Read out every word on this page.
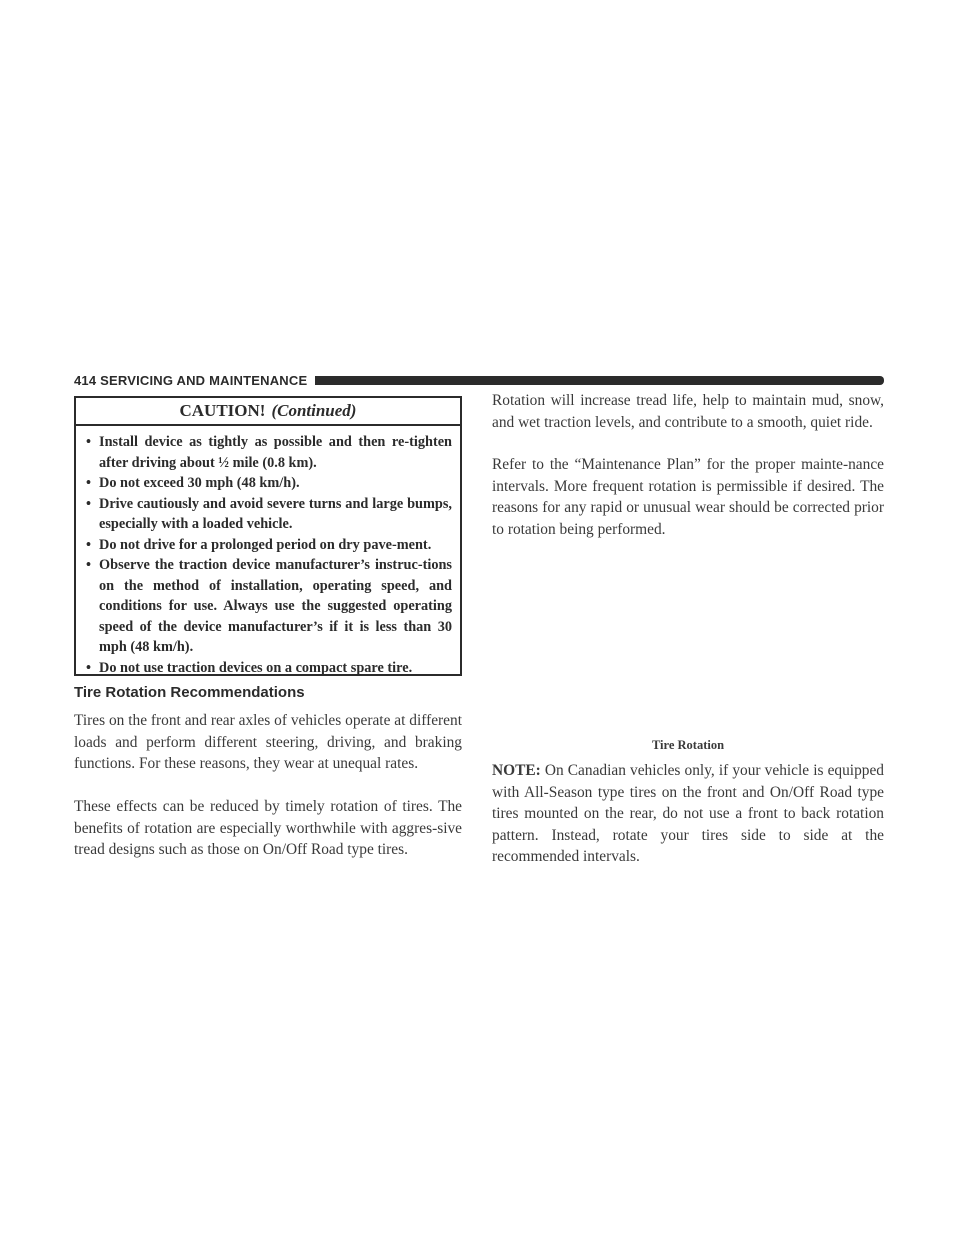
414 SERVICING AND MAINTENANCE
CAUTION! (Continued)
• Install device as tightly as possible and then re-tighten after driving about ½ mile (0.8 km).
• Do not exceed 30 mph (48 km/h).
• Drive cautiously and avoid severe turns and large bumps, especially with a loaded vehicle.
• Do not drive for a prolonged period on dry pave-ment.
• Observe the traction device manufacturer’s instruc-tions on the method of installation, operating speed, and conditions for use. Always use the suggested operating speed of the device manufacturer’s if it is less than 30 mph (48 km/h).
• Do not use traction devices on a compact spare tire.
Tire Rotation Recommendations

Tires on the front and rear axles of vehicles operate at different loads and perform different steering, driving, and braking functions. For these reasons, they wear at unequal rates.

These effects can be reduced by timely rotation of tires. The benefits of rotation are especially worthwhile with aggres-sive tread designs such as those on On/Off Road type tires.

Rotation will increase tread life, help to maintain mud, snow, and wet traction levels, and contribute to a smooth, quiet ride.

Refer to the “Maintenance Plan” for the proper mainte-nance intervals. More frequent rotation is permissible if desired. The reasons for any rapid or unusual wear should be corrected prior to rotation being performed.

Tire Rotation

NOTE: On Canadian vehicles only, if your vehicle is equipped with All-Season type tires on the front and On/Off Road type tires mounted on the rear, do not use a front to back rotation pattern. Instead, rotate your tires side to side at the recommended intervals.
